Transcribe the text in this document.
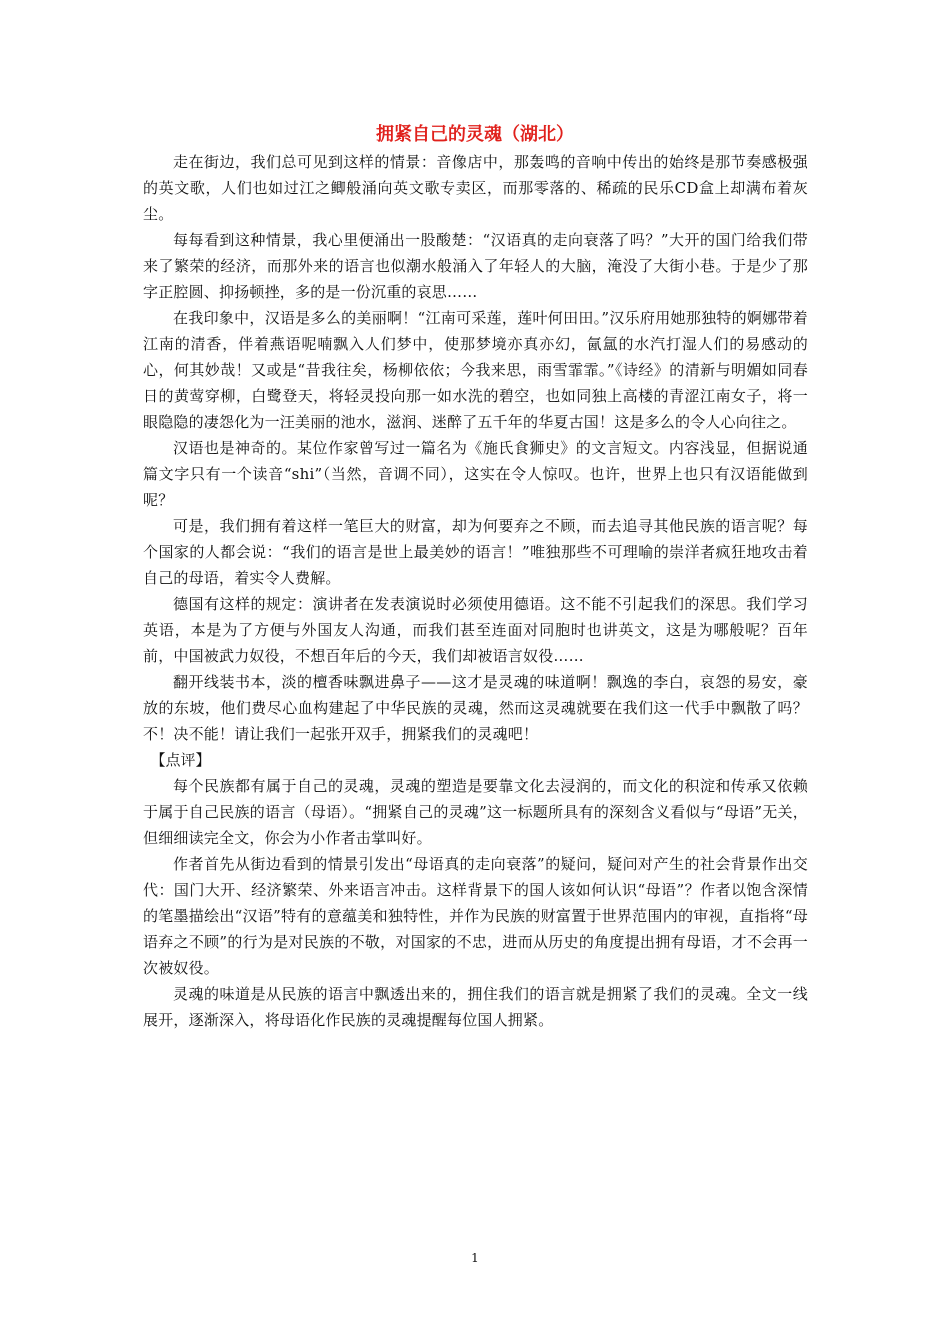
拥紧自己的灵魂（湖北）

走在街边，我们总可见到这样的情景：音像店中，那轰鸣的音响中传出的始终是那节奏感极强的英文歌，人们也如过江之鲫般涌向英文歌专卖区，而那零落的、稀疏的民乐CD盒上却满布着灰尘。

每每看到这种情景，我心里便涌出一股酸楚：“汉语真的走向衰落了吗？”大开的国门给我们带来了繁荣的经济，而那外来的语言也似潮水般涌入了年轻人的大脑，淹没了大街小巷。于是少了那字正腔圆、抑扬顿挫，多的是一份沉重的哀思……

在我印象中，汉语是多么的美丽啊！“江南可采莲，莲叶何田田。”汉乐府用她那独特的婀娜带着江南的清香，伴着燕语呢喃飘入人们梦中，使那梦境亦真亦幻，氤氲的水汽打湿人们的易感动的心，何其妙哉！又或是“昔我往矣，杨柳依依；今我来思，雨雪霏霏。”《诗经》的清新与明媚如同春日的黄莺穿柳，白鹭登天，将轻灵投向那一如水洗的碧空，也如同独上高楼的青涩江南女子，将一眼隐隐的凄怨化为一汪美丽的池水，滋润、迷醉了五千年的华夏古国！这是多么的令人心向往之。

汉语也是神奇的。某位作家曾写过一篇名为《施氏食狮史》的文言短文。内容浅显，但据说通篇文字只有一个读音“shi”（当然，音调不同），这实在令人惊叹。也许，世界上也只有汉语能做到呢？

可是，我们拥有着这样一笔巨大的财富，却为何要弃之不顾，而去追寻其他民族的语言呢？每个国家的人都会说：“我们的语言是世上最美妙的语言！”唯独那些不可理喻的崇洋者疯狂地攻击着自己的母语，着实令人费解。

德国有这样的规定：演讲者在发表演说时必须使用德语。这不能不引起我们的深思。我们学习英语，本是为了方便与外国友人沟通，而我们甚至连面对同胞时也讲英文，这是为哪般呢？百年前，中国被武力奴役，不想百年后的今天，我们却被语言奴役……

翻开线装书本，淡的檀香味飘进鼻子——这才是灵魂的味道啊！飘逸的李白，哀怨的易安，豪放的东坡，他们费尽心血构建起了中华民族的灵魂，然而这灵魂就要在我们这一代手中飘散了吗？不！决不能！请让我们一起张开双手，拥紧我们的灵魂吧！

【点评】

每个民族都有属于自己的灵魂，灵魂的塑造是要靠文化去浸润的，而文化的积淀和传承又依赖于属于自己民族的语言（母语）。“拥紧自己的灵魂”这一标题所具有的深刻含义看似与“母语”无关，但细细读完全文，你会为小作者击掌叫好。

作者首先从街边看到的情景引发出“母语真的走向衰落”的疑问，疑问对产生的社会背景作出交代：国门大开、经济繁荣、外来语言冲击。这样背景下的国人该如何认识“母语”？作者以饱含深情的笔墨描绘出“汉语”特有的意蕴美和独特性，并作为民族的财富置于世界范围内的审视，直指将“母语弃之不顾”的行为是对民族的不敬，对国家的不忠，进而从历史的角度提出拥有母语，才不会再一次被奴役。

灵魂的味道是从民族的语言中飘透出来的，拥住我们的语言就是拥紧了我们的灵魂。全文一线展开，逐渐深入，将母语化作民族的灵魂提醒每位国人拥紧。

1
